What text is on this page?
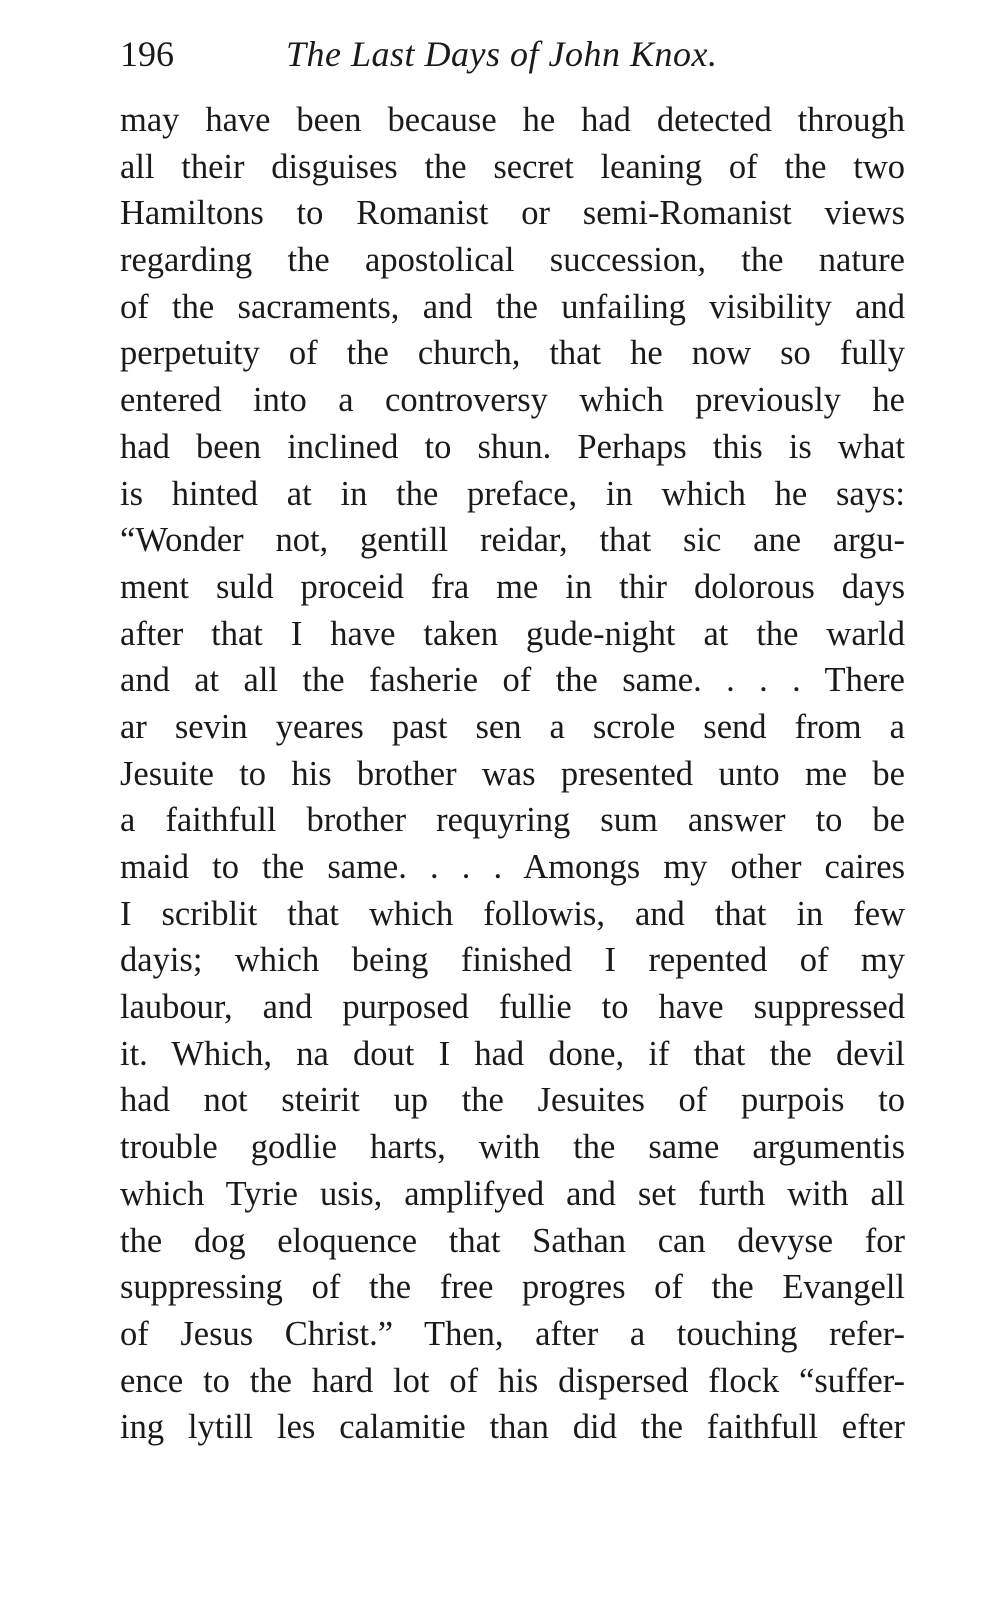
196	The Last Days of John Knox.
may have been because he had detected through
all their disguises the secret leaning of the two
Hamiltons to Romanist or semi-Romanist views
regarding the apostolical succession, the nature
of the sacraments, and the unfailing visibility and
perpetuity of the church, that he now so fully
entered into a controversy which previously he
had been inclined to shun. Perhaps this is what
is hinted at in the preface, in which he says:
“Wonder not, gentill reidar, that sic ane argu-
ment suld proceid fra me in thir dolorous days
after that I have taken gude-night at the warld
and at all the fasherie of the same. . . . There
ar sevin yeares past sen a scrole send from a
Jesuite to his brother was presented unto me be
a faithfull brother requyring sum answer to be
maid to the same. . . . Amongs my other caires
I scriblit that which followis, and that in few
dayis; which being finished I repented of my
laubour, and purposed fullie to have suppressed
it. Which, na dout I had done, if that the devil
had not steirit up the Jesuites of purpois to
trouble godlie harts, with the same argumentis
which Tyrie usis, amplifyed and set furth with all
the dog eloquence that Sathan can devyse for
suppressing of the free progres of the Evangell
of Jesus Christ.” Then, after a touching refer-
ence to the hard lot of his dispersed flock “suffer-
ing lytill les calamitie than did the faithfull efter
